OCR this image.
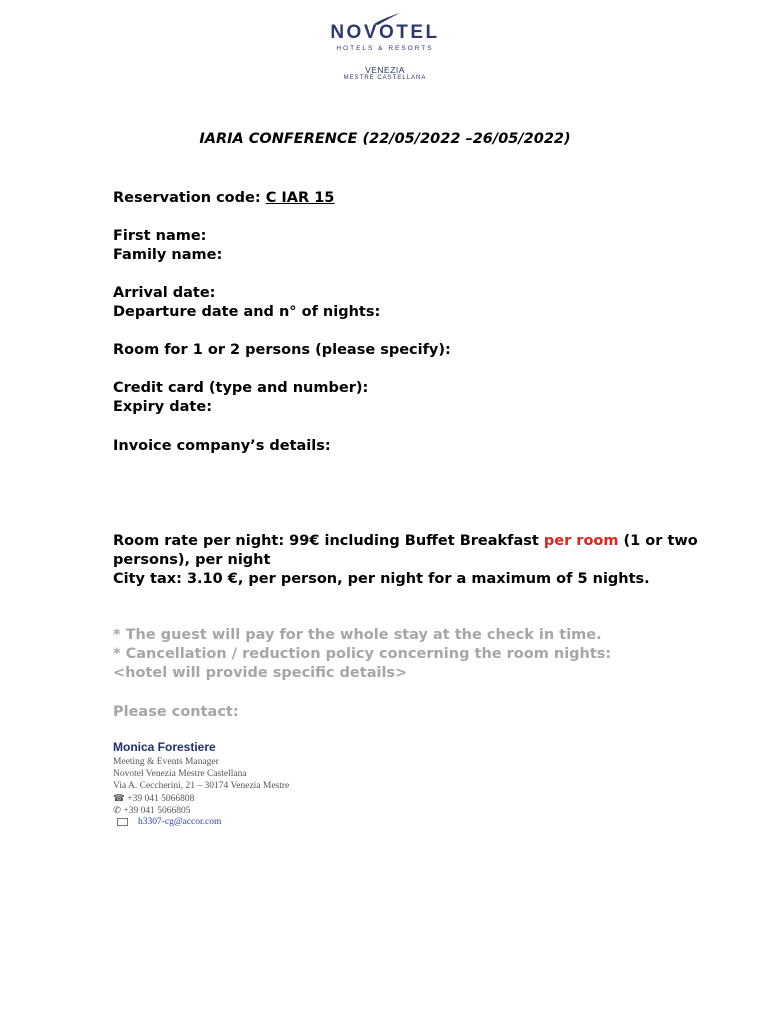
NOVOTEL
HOTELS & RESORTS
VENEZIA
MESTRE CASTELLANA
IARIA CONFERENCE (22/05/2022 –26/05/2022)
Reservation code: C IAR 15
First name:
Family name:
Arrival date:
Departure date and n° of nights:
Room for 1 or 2 persons (please specify):
Credit card (type and number):
Expiry date:
Invoice company’s details:
Room rate per night: 99€ including Buffet Breakfast per room (1 or two
persons), per night
City tax: 3.10 €, per person, per night for a maximum of 5 nights.
* The guest will pay for the whole stay at the check in time.
* Cancellation / reduction policy concerning the room nights:
<hotel will provide specific details>
Please contact:
Monica Forestiere
Meeting & Events Manager
Novotel Venezia Mestre Castellana
Via A. Ceccherini, 21 – 30174 Venezia Mestre
☎ +39 041 5066808
✆ +39 041 5066805
h3307-cg@accor.com
